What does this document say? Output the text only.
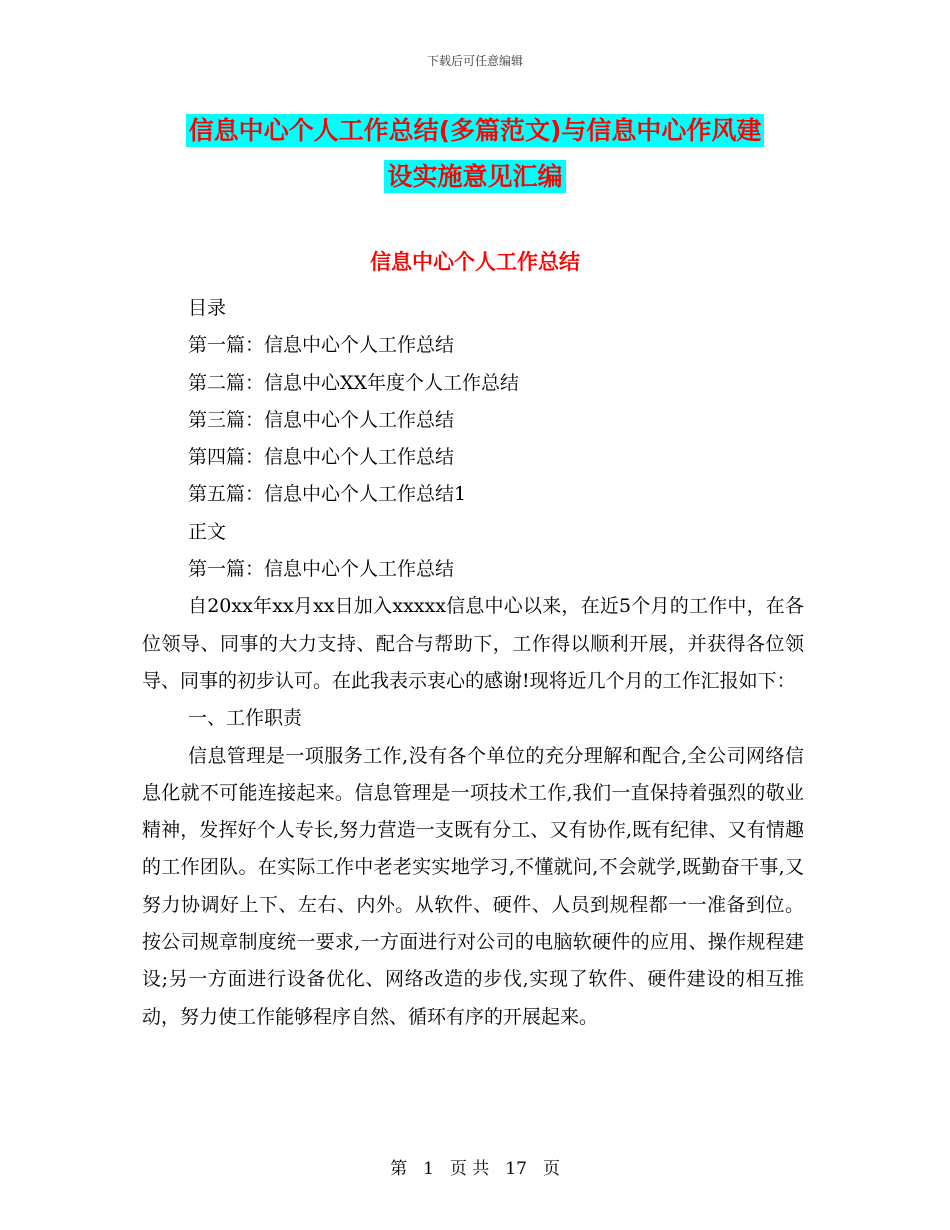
下载后可任意编辑
信息中心个人工作总结(多篇范文)与信息中心作风建
设实施意见汇编
信息中心个人工作总结

目录

第一篇：信息中心个人工作总结

第二篇：信息中心XX年度个人工作总结

第三篇：信息中心个人工作总结

第四篇：信息中心个人工作总结

第五篇：信息中心个人工作总结1

正文

第一篇：信息中心个人工作总结

自20xx年xx月xx日加入xxxxx信息中心以来，在近5个月的工作中，在各位领导、同事的大力支持、配合与帮助下，工作得以顺利开展，并获得各位领导、同事的初步认可。在此我表示衷心的感谢!现将近几个月的工作汇报如下：

一、工作职责

信息管理是一项服务工作,没有各个单位的充分理解和配合,全公司网络信息化就不可能连接起来。信息管理是一项技术工作,我们一直保持着强烈的敬业精神，发挥好个人专长,努力营造一支既有分工、又有协作,既有纪律、又有情趣的工作团队。在实际工作中老老实实地学习,不懂就问,不会就学,既勤奋干事,又努力协调好上下、左右、内外。从软件、硬件、人员到规程都一一准备到位。按公司规章制度统一要求,一方面进行对公司的电脑软硬件的应用、操作规程建设;另一方面进行设备优化、网络改造的步伐,实现了软件、硬件建设的相互推动，努力使工作能够程序自然、循环有序的开展起来。

第 1 页 共 17 页
